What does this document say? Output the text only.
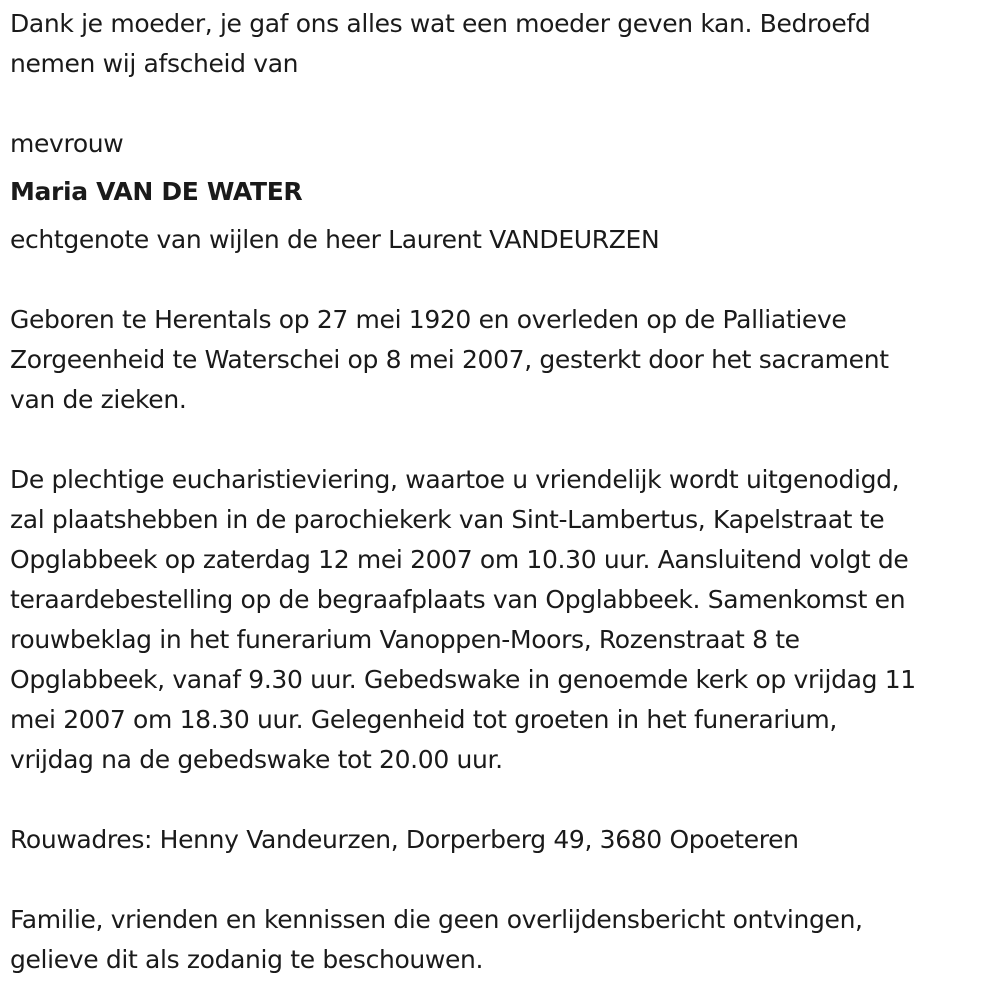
Dank je moeder, je gaf ons alles wat een moeder geven kan. Bedroefd
nemen wij afscheid van
mevrouw
Maria VAN DE WATER
echtgenote van wijlen de heer Laurent VANDEURZEN
Geboren te Herentals op 27 mei 1920 en overleden op de Palliatieve
Zorgeenheid te Waterschei op 8 mei 2007, gesterkt door het sacrament
van de zieken.
De plechtige eucharistieviering, waartoe u vriendelijk wordt uitgenodigd,
zal plaatshebben in de parochiekerk van Sint-Lambertus, Kapelstraat te
Opglabbeek op zaterdag 12 mei 2007 om 10.30 uur. Aansluitend volgt de
teraardebestelling op de begraafplaats van Opglabbeek. Samenkomst en
rouwbeklag in het funerarium Vanoppen-Moors, Rozenstraat 8 te
Opglabbeek, vanaf 9.30 uur. Gebedswake in genoemde kerk op vrijdag 11
mei 2007 om 18.30 uur. Gelegenheid tot groeten in het funerarium,
vrijdag na de gebedswake tot 20.00 uur.
Rouwadres: Henny Vandeurzen, Dorperberg 49, 3680 Opoeteren
Familie, vrienden en kennissen die geen overlijdensbericht ontvingen,
gelieve dit als zodanig te beschouwen.
